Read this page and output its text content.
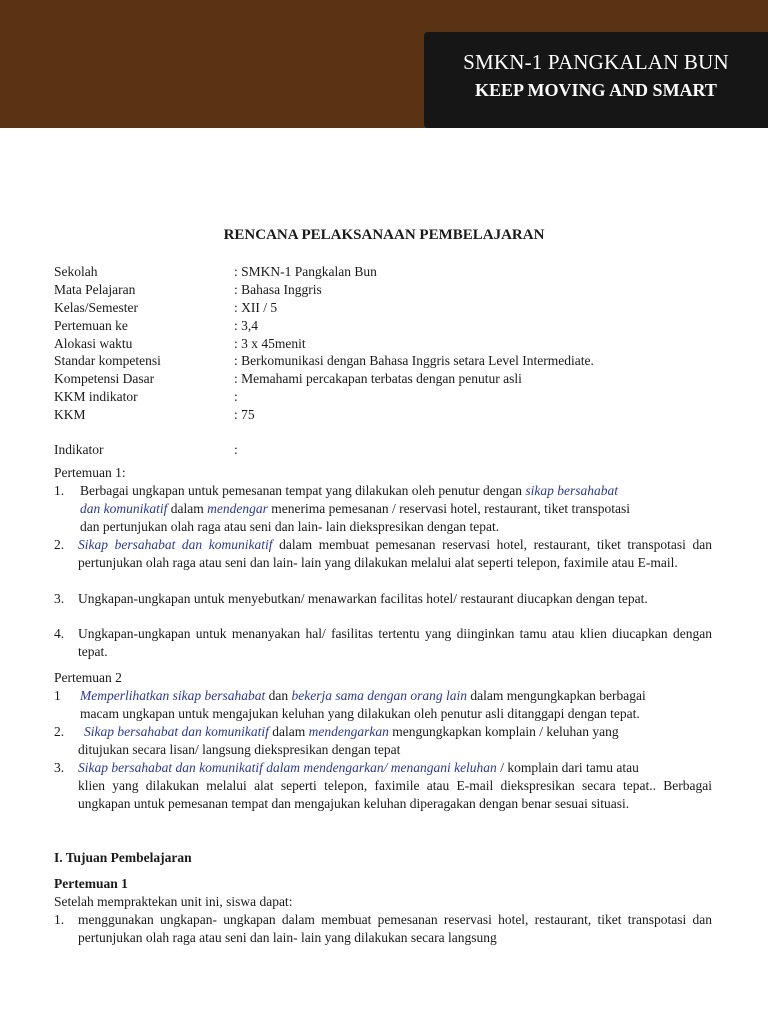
SMKN-1 PANGKALAN BUN
KEEP MOVING AND SMART
RENCANA PELAKSANAAN PEMBELAJARAN
Sekolah	: SMKN-1 Pangkalan Bun
Mata Pelajaran	: Bahasa Inggris
Kelas/Semester	: XII / 5
Pertemuan ke	: 3,4
Alokasi waktu	: 3 x 45menit
Standar kompetensi	: Berkomunikasi dengan Bahasa Inggris setara Level Intermediate.
Kompetensi Dasar	: Memahami percakapan terbatas dengan penutur asli
KKM indikator	:
KKM	: 75
Indikator	:
Pertemuan 1:
1. Berbagai ungkapan untuk pemesanan tempat yang dilakukan oleh penutur dengan sikap bersahabat
dan komunikatif dalam mendengar menerima pemesanan / reservasi hotel, restaurant, tiket transpotasi
dan pertunjukan olah raga atau seni dan lain- lain diekspresikan dengan tepat.
2. Sikap bersahabat dan komunikatif dalam membuat pemesanan reservasi hotel, restaurant, tiket transpotasi dan pertunjukan olah raga atau seni dan lain- lain yang dilakukan melalui alat seperti telepon, faximile atau E-mail.
3. Ungkapan-ungkapan untuk menyebutkan/ menawarkan facilitas hotel/ restaurant diucapkan dengan tepat.
4. Ungkapan-ungkapan untuk menanyakan hal/ fasilitas tertentu yang diinginkan tamu atau klien diucapkan dengan tepat.
Pertemuan 2
1 Memperlihatkan sikap bersahabat dan bekerja sama dengan orang lain dalam mengungkapkan berbagai
macam ungkapan untuk mengajukan keluhan yang dilakukan oleh penutur asli ditanggapi dengan tepat.
2. Sikap bersahabat dan komunikatif dalam mendengarkan mengungkapkan komplain / keluhan yang
ditujukan secara lisan/ langsung diekspresikan dengan tepat
3. Sikap bersahabat dan komunikatif dalam mendengarkan/ menangani keluhan / komplain dari tamu atau
klien yang dilakukan melalui alat seperti telepon, faximile atau E-mail diekspresikan secara tepat.. Berbagai ungkapan untuk pemesanan tempat dan mengajukan keluhan diperagakan dengan benar sesuai situasi.
I. Tujuan Pembelajaran
Pertemuan 1
Setelah mempraktekan unit ini, siswa dapat:
1. menggunakan ungkapan- ungkapan dalam membuat pemesanan reservasi hotel, restaurant, tiket transpotasi dan pertunjukan olah raga atau seni dan lain- lain yang dilakukan secara langsung
